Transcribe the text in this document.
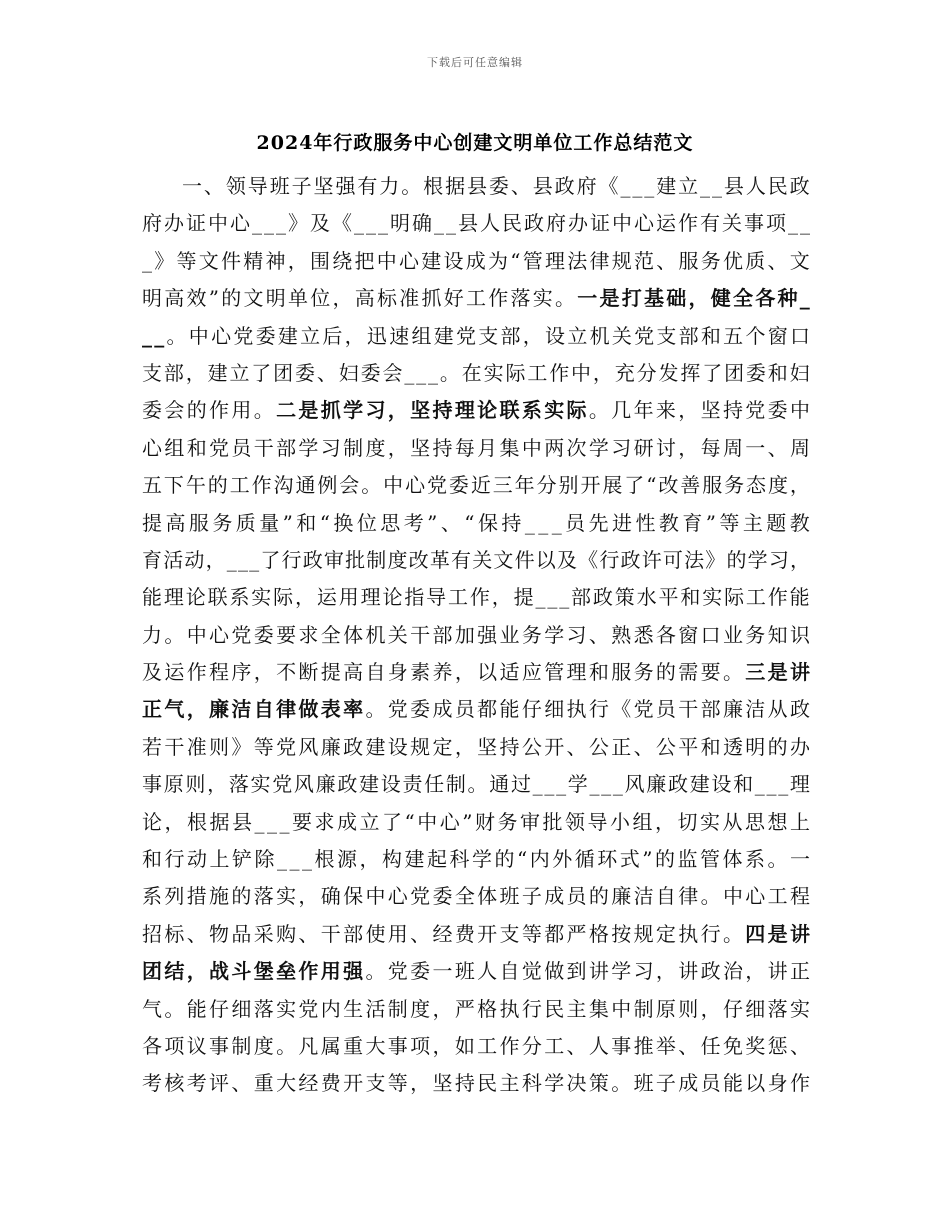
下载后可任意编辑
2024年行政服务中心创建文明单位工作总结范文
一 、 领 导 班 子 坚 强 有 力 。 根 据 县 委 、 县 政 府 《 _ _ _ 建 立 _ _ 县 人 民 政
府 办 证 中 心 _ _ _ 》 及 《 _ _ _ 明 确 _ _ 县 人 民 政 府 办 证 中 心 运 作 有 关 事 项 _ _
_ 》 等 文 件 精 神 ， 围 绕 把 中 心 建 设 成 为 “ 管 理 法 律 规 范 、 服 务 优 质 、 文
明 高 效 ” 的 文 明 单 位 ， 高 标 准 抓 好 工 作 落 实 。 一 是 打 基 础 ， 健 全 各 种 _
_ _ 。 中 心 党 委 建 立 后 ， 迅 速 组 建 党 支 部 ， 设 立 机 关 党 支 部 和 五 个 窗 口
支 部 ， 建 立 了 团 委 、 妇 委 会 _ _ _ 。 在 实 际 工 作 中 ， 充 分 发 挥 了 团 委 和 妇
委 会 的 作 用 。 二 是 抓 学 习 ， 坚 持 理 论 联 系 实 际 。 几 年 来 ， 坚 持 党 委 中
心 组 和 党 员 干 部 学 习 制 度 ， 坚 持 每 月 集 中 两 次 学 习 研 讨 ， 每 周 一 、 周
五 下 午 的 工 作 沟 通 例 会 。 中 心 党 委 近 三 年 分 别 开 展 了 “ 改 善 服 务 态 度 ，
提 高 服 务 质 量 ” 和 “ 换 位 思 考 ” 、 “ 保 持 _ _ _ 员 先 进 性 教 育 ” 等 主 题 教
育 活 动 ， _ _ _ 了 行 政 审 批 制 度 改 革 有 关 文 件 以 及 《 行 政 许 可 法 》 的 学 习 ，
能 理 论 联 系 实 际 ， 运 用 理 论 指 导 工 作 ， 提 _ _ _ 部 政 策 水 平 和 实 际 工 作 能
力 。 中 心 党 委 要 求 全 体 机 关 干 部 加 强 业 务 学 习 、 熟 悉 各 窗 口 业 务 知 识
及 运 作 程 序 ， 不 断 提 高 自 身 素 养 ， 以 适 应 管 理 和 服 务 的 需 要 。 三 是 讲
正 气 ， 廉 洁 自 律 做 表 率 。 党 委 成 员 都 能 仔 细 执 行 《 党 员 干 部 廉 洁 从 政
若 干 准 则 》 等 党 风 廉 政 建 设 规 定 ， 坚 持 公 开 、 公 正 、 公 平 和 透 明 的 办
事 原 则 ， 落 实 党 风 廉 政 建 设 责 任 制 。 通 过 _ _ _ 学 _ _ _ 风 廉 政 建 设 和 _ _ _ 理
论 ， 根 据 县 _ _ _ 要 求 成 立 了 “ 中 心 ” 财 务 审 批 领 导 小 组 ， 切 实 从 思 想 上
和 行 动 上 铲 除 _ _ _ 根 源 ， 构 建 起 科 学 的 “ 内 外 循 环 式 ” 的 监 管 体 系 。 一
系 列 措 施 的 落 实 ， 确 保 中 心 党 委 全 体 班 子 成 员 的 廉 洁 自 律 。 中 心 工 程
招 标 、 物 品 采 购 、 干 部 使 用 、 经 费 开 支 等 都 严 格 按 规 定 执 行 。 四 是 讲
团 结 ， 战 斗 堡 垒 作 用 强 。 党 委 一 班 人 自 觉 做 到 讲 学 习 ， 讲 政 治 ， 讲 正
气 。 能 仔 细 落 实 党 内 生 活 制 度 ， 严 格 执 行 民 主 集 中 制 原 则 ， 仔 细 落 实
各 项 议 事 制 度 。 凡 属 重 大 事 项 ， 如 工 作 分 工 、 人 事 推 举 、 任 免 奖 惩 、
考 核 考 评 、 重 大 经 费 开 支 等 ， 坚 持 民 主 科 学 决 策 。 班 子 成 员 能 以 身 作
